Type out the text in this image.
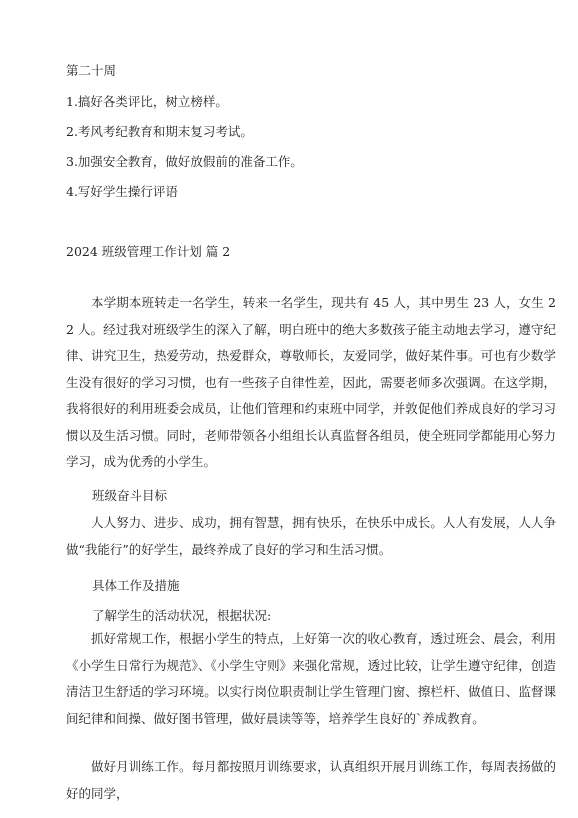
第二十周
1.搞好各类评比，树立榜样。
2.考风考纪教育和期末复习考试。
3.加强安全教育，做好放假前的准备工作。
4.写好学生操行评语
2024 班级管理工作计划 篇 2
本学期本班转走一名学生，转来一名学生，现共有 45 人，其中男生 23 人，女生 22 人。经过我对班级学生的深入了解，明白班中的绝大多数孩子能主动地去学习，遵守纪律、讲究卫生，热爱劳动，热爱群众，尊敬师长，友爱同学，做好某件事。可也有少数学生没有很好的学习习惯，也有一些孩子自律性差，因此，需要老师多次强调。在这学期，我将很好的利用班委会成员，让他们管理和约束班中同学，并敦促他们养成良好的学习习惯以及生活习惯。同时，老师带领各小组组长认真监督各组员，使全班同学都能用心努力学习，成为优秀的小学生。
班级奋斗目标
人人努力、进步、成功，拥有智慧，拥有快乐，在快乐中成长。人人有发展，人人争做“我能行”的好学生，最终养成了良好的学习和生活习惯。
具体工作及措施
了解学生的活动状况，根据状况:
抓好常规工作，根据小学生的特点，上好第一次的收心教育，透过班会、晨会，利用《小学生日常行为规范》、《小学生守则》来强化常规，透过比较，让学生遵守纪律，创造清洁卫生舒适的学习环境。以实行岗位职责制让学生管理门窗、擦栏杆、做值日、监督课间纪律和间操、做好图书管理，做好晨读等等，培养学生良好的`养成教育。
做好月训练工作。每月都按照月训练要求，认真组织开展月训练工作，每周表扬做的好的同学，
